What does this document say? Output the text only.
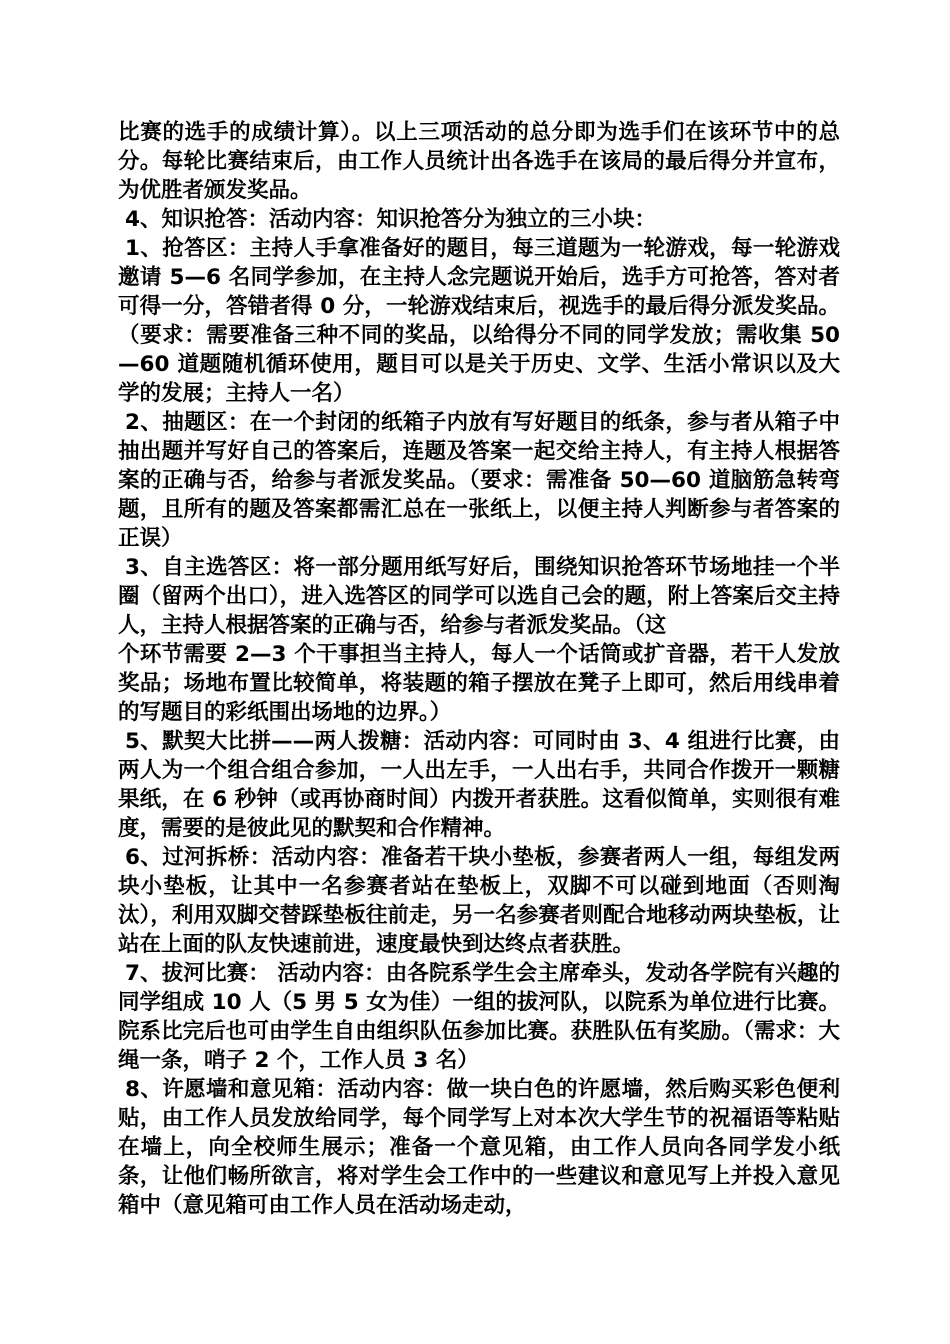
比赛的选手的成绩计算）。以上三项活动的总分即为选手们在该环节中的总分。每轮比赛结束后，由工作人员统计出各选手在该局的最后得分并宣布，为优胜者颁发奖品。

4、知识抢答：活动内容：知识抢答分为独立的三小块：

1、抢答区：主持人手拿准备好的题目，每三道题为一轮游戏，每一轮游戏邀请 5—6 名同学参加，在主持人念完题说开始后，选手方可抢答，答对者可得一分，答错者得 0 分，一轮游戏结束后，视选手的最后得分派发奖品。（要求：需要准备三种不同的奖品，以给得分不同的同学发放；需收集 50—60 道题随机循环使用，题目可以是关于历史、文学、生活小常识以及大学的发展；主持人一名）

2、抽题区：在一个封闭的纸箱子内放有写好题目的纸条，参与者从箱子中抽出题并写好自己的答案后，连题及答案一起交给主持人，有主持人根据答案的正确与否，给参与者派发奖品。（要求：需准备 50—60 道脑筋急转弯题，且所有的题及答案都需汇总在一张纸上，以便主持人判断参与者答案的正误）

3、自主选答区：将一部分题用纸写好后，围绕知识抢答环节场地挂一个半圈（留两个出口），进入选答区的同学可以选自己会的题，附上答案后交主持人，主持人根据答案的正确与否，给参与者派发奖品。（这

个环节需要 2—3 个干事担当主持人，每人一个话筒或扩音器，若干人发放奖品；场地布置比较简单，将装题的箱子摆放在凳子上即可，然后用线串着的写题目的彩纸围出场地的边界。）

5、默契大比拼——两人拨糖：活动内容：可同时由 3、4 组进行比赛，由两人为一个组合组合参加，一人出左手，一人出右手，共同合作拨开一颗糖果纸，在 6 秒钟（或再协商时间）内拨开者获胜。这看似简单，实则很有难度，需要的是彼此见的默契和合作精神。

6、过河拆桥：活动内容：准备若干块小垫板，参赛者两人一组，每组发两块小垫板，让其中一名参赛者站在垫板上，双脚不可以碰到地面（否则淘汰），利用双脚交替踩垫板往前走，另一名参赛者则配合地移动两块垫板，让站在上面的队友快速前进，速度最快到达终点者获胜。

7、拔河比赛： 活动内容：由各院系学生会主席牵头，发动各学院有兴趣的同学组成 10 人（5 男 5 女为佳）一组的拔河队，以院系为单位进行比赛。院系比完后也可由学生自由组织队伍参加比赛。获胜队伍有奖励。（需求：大绳一条，哨子 2 个，工作人员 3 名）

8、许愿墙和意见箱：活动内容：做一块白色的许愿墙，然后购买彩色便利贴，由工作人员发放给同学，每个同学写上对本次大学生节的祝福语等粘贴在墙上，向全校师生展示；准备一个意见箱，由工作人员向各同学发小纸条，让他们畅所欲言，将对学生会工作中的一些建议和意见写上并投入意见箱中（意见箱可由工作人员在活动场走动，
